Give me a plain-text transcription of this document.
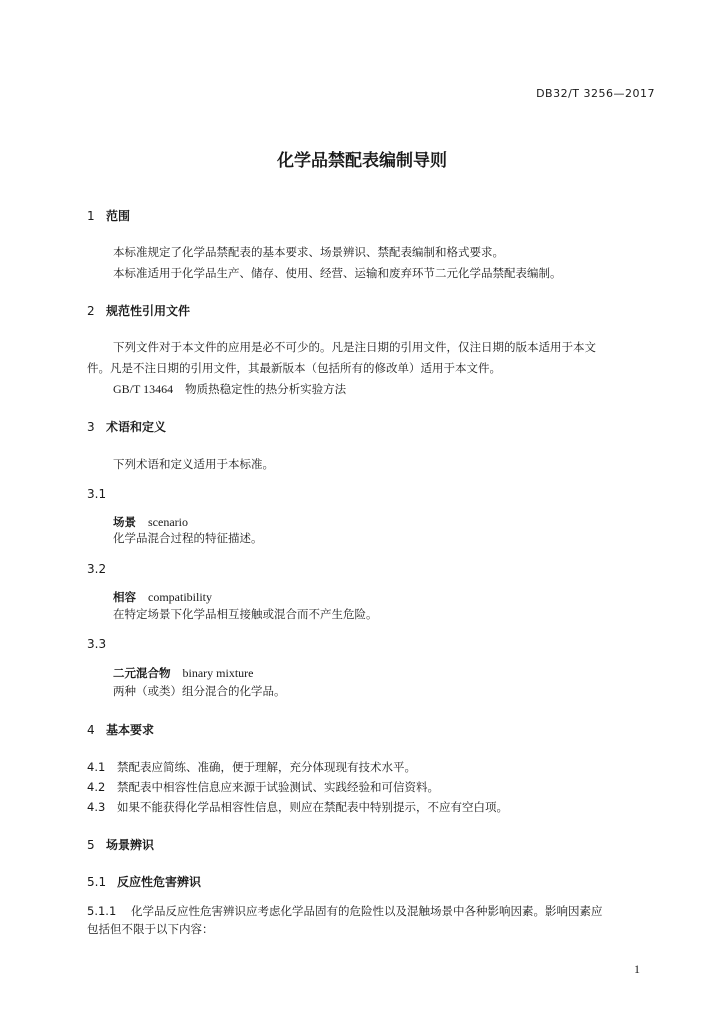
DB32/T 3256—2017
化学品禁配表编制导则
1 范围
本标准规定了化学品禁配表的基本要求、场景辨识、禁配表编制和格式要求。
本标准适用于化学品生产、储存、使用、经营、运输和废弃环节二元化学品禁配表编制。
2 规范性引用文件
下列文件对于本文件的应用是必不可少的。凡是注日期的引用文件，仅注日期的版本适用于本文
件。凡是不注日期的引用文件，其最新版本（包括所有的修改单）适用于本文件。
GB/T 13464 物质热稳定性的热分析实验方法
3 术语和定义
下列术语和定义适用于本标准。
3.1
场景 scenario
化学品混合过程的特征描述。
3.2
相容 compatibility
在特定场景下化学品相互接触或混合而不产生危险。
3.3
二元混合物 binary mixture
两种（或类）组分混合的化学品。
4 基本要求
4.1 禁配表应简练、准确，便于理解，充分体现现有技术水平。
4.2 禁配表中相容性信息应来源于试验测试、实践经验和可信资料。
4.3 如果不能获得化学品相容性信息，则应在禁配表中特别提示，不应有空白项。
5 场景辨识
5.1 反应性危害辨识
5.1.1 化学品反应性危害辨识应考虑化学品固有的危险性以及混触场景中各种影响因素。影响因素应
包括但不限于以下内容：
1
